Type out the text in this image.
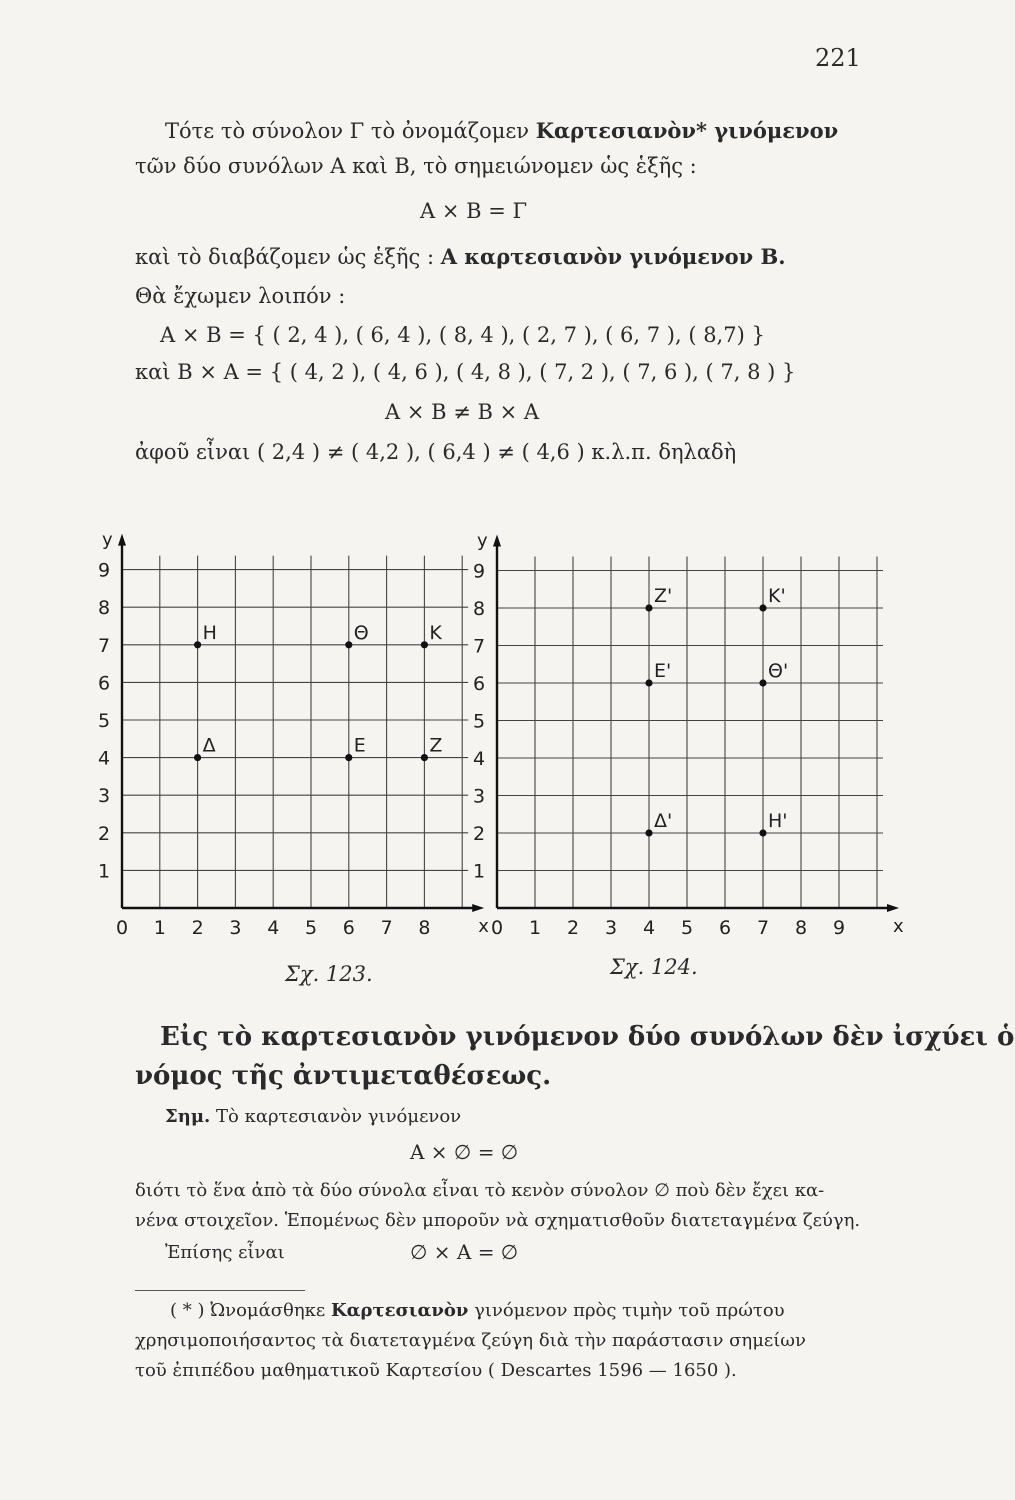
221
Τότε τὸ σύνολον Γ τὸ ὀνομάζομεν Καρτεσιανὸν* γινόμενον
τῶν δύο συνόλων Α καὶ Β, τὸ σημειώνομεν ὡς ἑξῆς :
Α × Β = Γ
καὶ τὸ διαβάζομεν ὡς ἑξῆς : Α καρτεσιανὸν γινόμενον Β.
Θὰ ἔχωμεν λοιπόν :
Α × Β = { ( 2, 4 ), ( 6, 4 ), ( 8, 4 ), ( 2, 7 ), ( 6, 7 ), ( 8,7) }
καὶ Β × Α = { ( 4, 2 ), ( 4, 6 ), ( 4, 8 ), ( 7, 2 ), ( 7, 6 ), ( 7, 8 ) }
Α × Β ≠ Β × Α
ἀφοῦ εἶναι ( 2,4 ) ≠ ( 4,2 ), ( 6,4 ) ≠ ( 4,6 ) κ.λ.π. δηλαδὴ
y
x
0 1 2 3 4 5 6 7 8
1
2
3
4
5
6
7
8
9
Η	Θ	Κ
Δ	Ε	Ζ
y
x
0 1 2 3 4 5 6 7 8 9
1
2
3
4
5
6
7
8
9
Ζ'	Κ'
Ε'	Θ'
Δ'	Η'
Σχ. 123.	Σχ. 124.
Εἰς τὸ καρτεσιανὸν γινόμενον δύο συνόλων δὲν ἰσχύει ὁ
νόμος τῆς ἀντιμεταθέσεως.
Σημ. Τὸ καρτεσιανὸν γινόμενον
Α × ∅ = ∅
διότι τὸ ἕνα ἀπὸ τὰ δύο σύνολα εἶναι τὸ κενὸν σύνολον ∅ ποὺ δὲν ἔχει κα-
νένα στοιχεῖον. Ἑπομένως δὲν μποροῦν νὰ σχηματισθοῦν διατεταγμένα ζεύγη.
Ἐπίσης εἶναι	∅ × Α = ∅
( * ) Ὠνομάσθηκε Καρτεσιανὸν γινόμενον πρὸς τιμὴν τοῦ πρώτου
χρησιμοποιήσαντος τὰ διατεταγμένα ζεύγη διὰ τὴν παράστασιν σημείων
τοῦ ἐπιπέδου μαθηματικοῦ Καρτεσίου ( Descartes 1596 — 1650 ).
